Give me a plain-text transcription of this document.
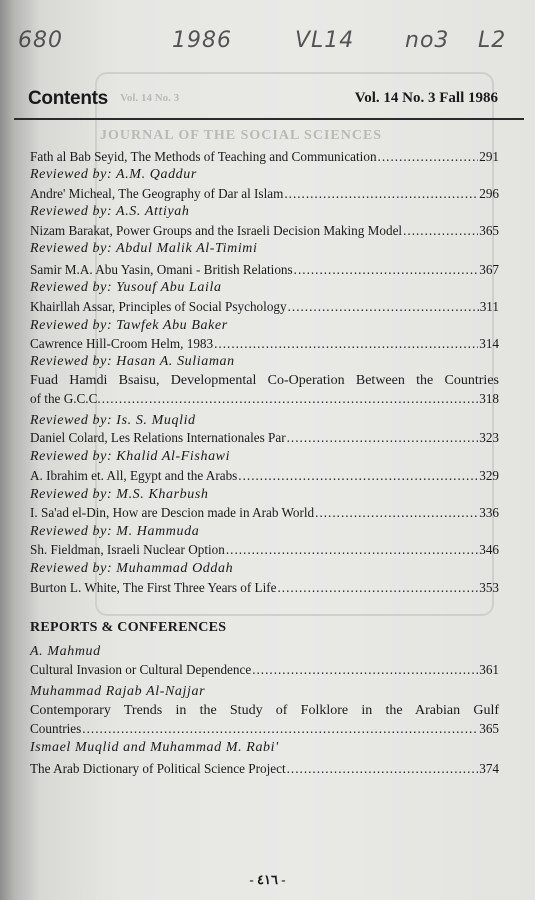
680	1986	VL14 no3 L2
JOURNAL OF THE SOCIAL SCIENCES
Vol. 14 No. 3
Contents	Vol. 14 No. 3 Fall 1986
Fath al Bab Seyid, The Methods of Teaching and Communication .....	291
Reviewed by: A.M. Qaddur
Andre' Micheal, The Geography of Dar al Islam .....	296
Reviewed by: A.S. Attiyah
Nizam Barakat, Power Groups and the Israeli Decision Making Model .....	365
Reviewed by: Abdul Malik Al-Timimi
Samir M.A. Abu Yasin, Omani - British Relations .....	367
Reviewed by: Yusouf Abu Laila
Khairllah Assar, Principles of Social Psychology .....	311
Reviewed by: Tawfek Abu Baker
Cawrence Hill-Croom Helm, 1983 .....	314
Reviewed by: Hasan A. Suliaman
Fuad Hamdi Bsaisu, Developmental Co-Operation Between the Countries
of the G.C.C. .....	318
Reviewed by: Is. S. Muqlid
Daniel Colard, Les Relations Internationales Par .....	323
Reviewed by: Khalid Al-Fishawi
A. Ibrahim et. All, Egypt and the Arabs .....	329
Reviewed by: M.S. Kharbush
I. Sa'ad el-Din, How are Descion made in Arab World .....	336
Reviewed by: M. Hammuda
Sh. Fieldman, Israeli Nuclear Option .....	346
Reviewed by: Muhammad Oddah
Burton L. White, The First Three Years of Life .....	353
REPORTS & CONFERENCES
A. Mahmud
Cultural Invasion or Cultural Dependence .....	361
Muhammad Rajab Al-Najjar
Contemporary Trends in the Study of Folklore in the Arabian Gulf
Countries .....	365
Ismael Muqlid and Muhammad M. Rabi'
The Arab Dictionary of Political Science Project .....	374
- ٤١٦ -
